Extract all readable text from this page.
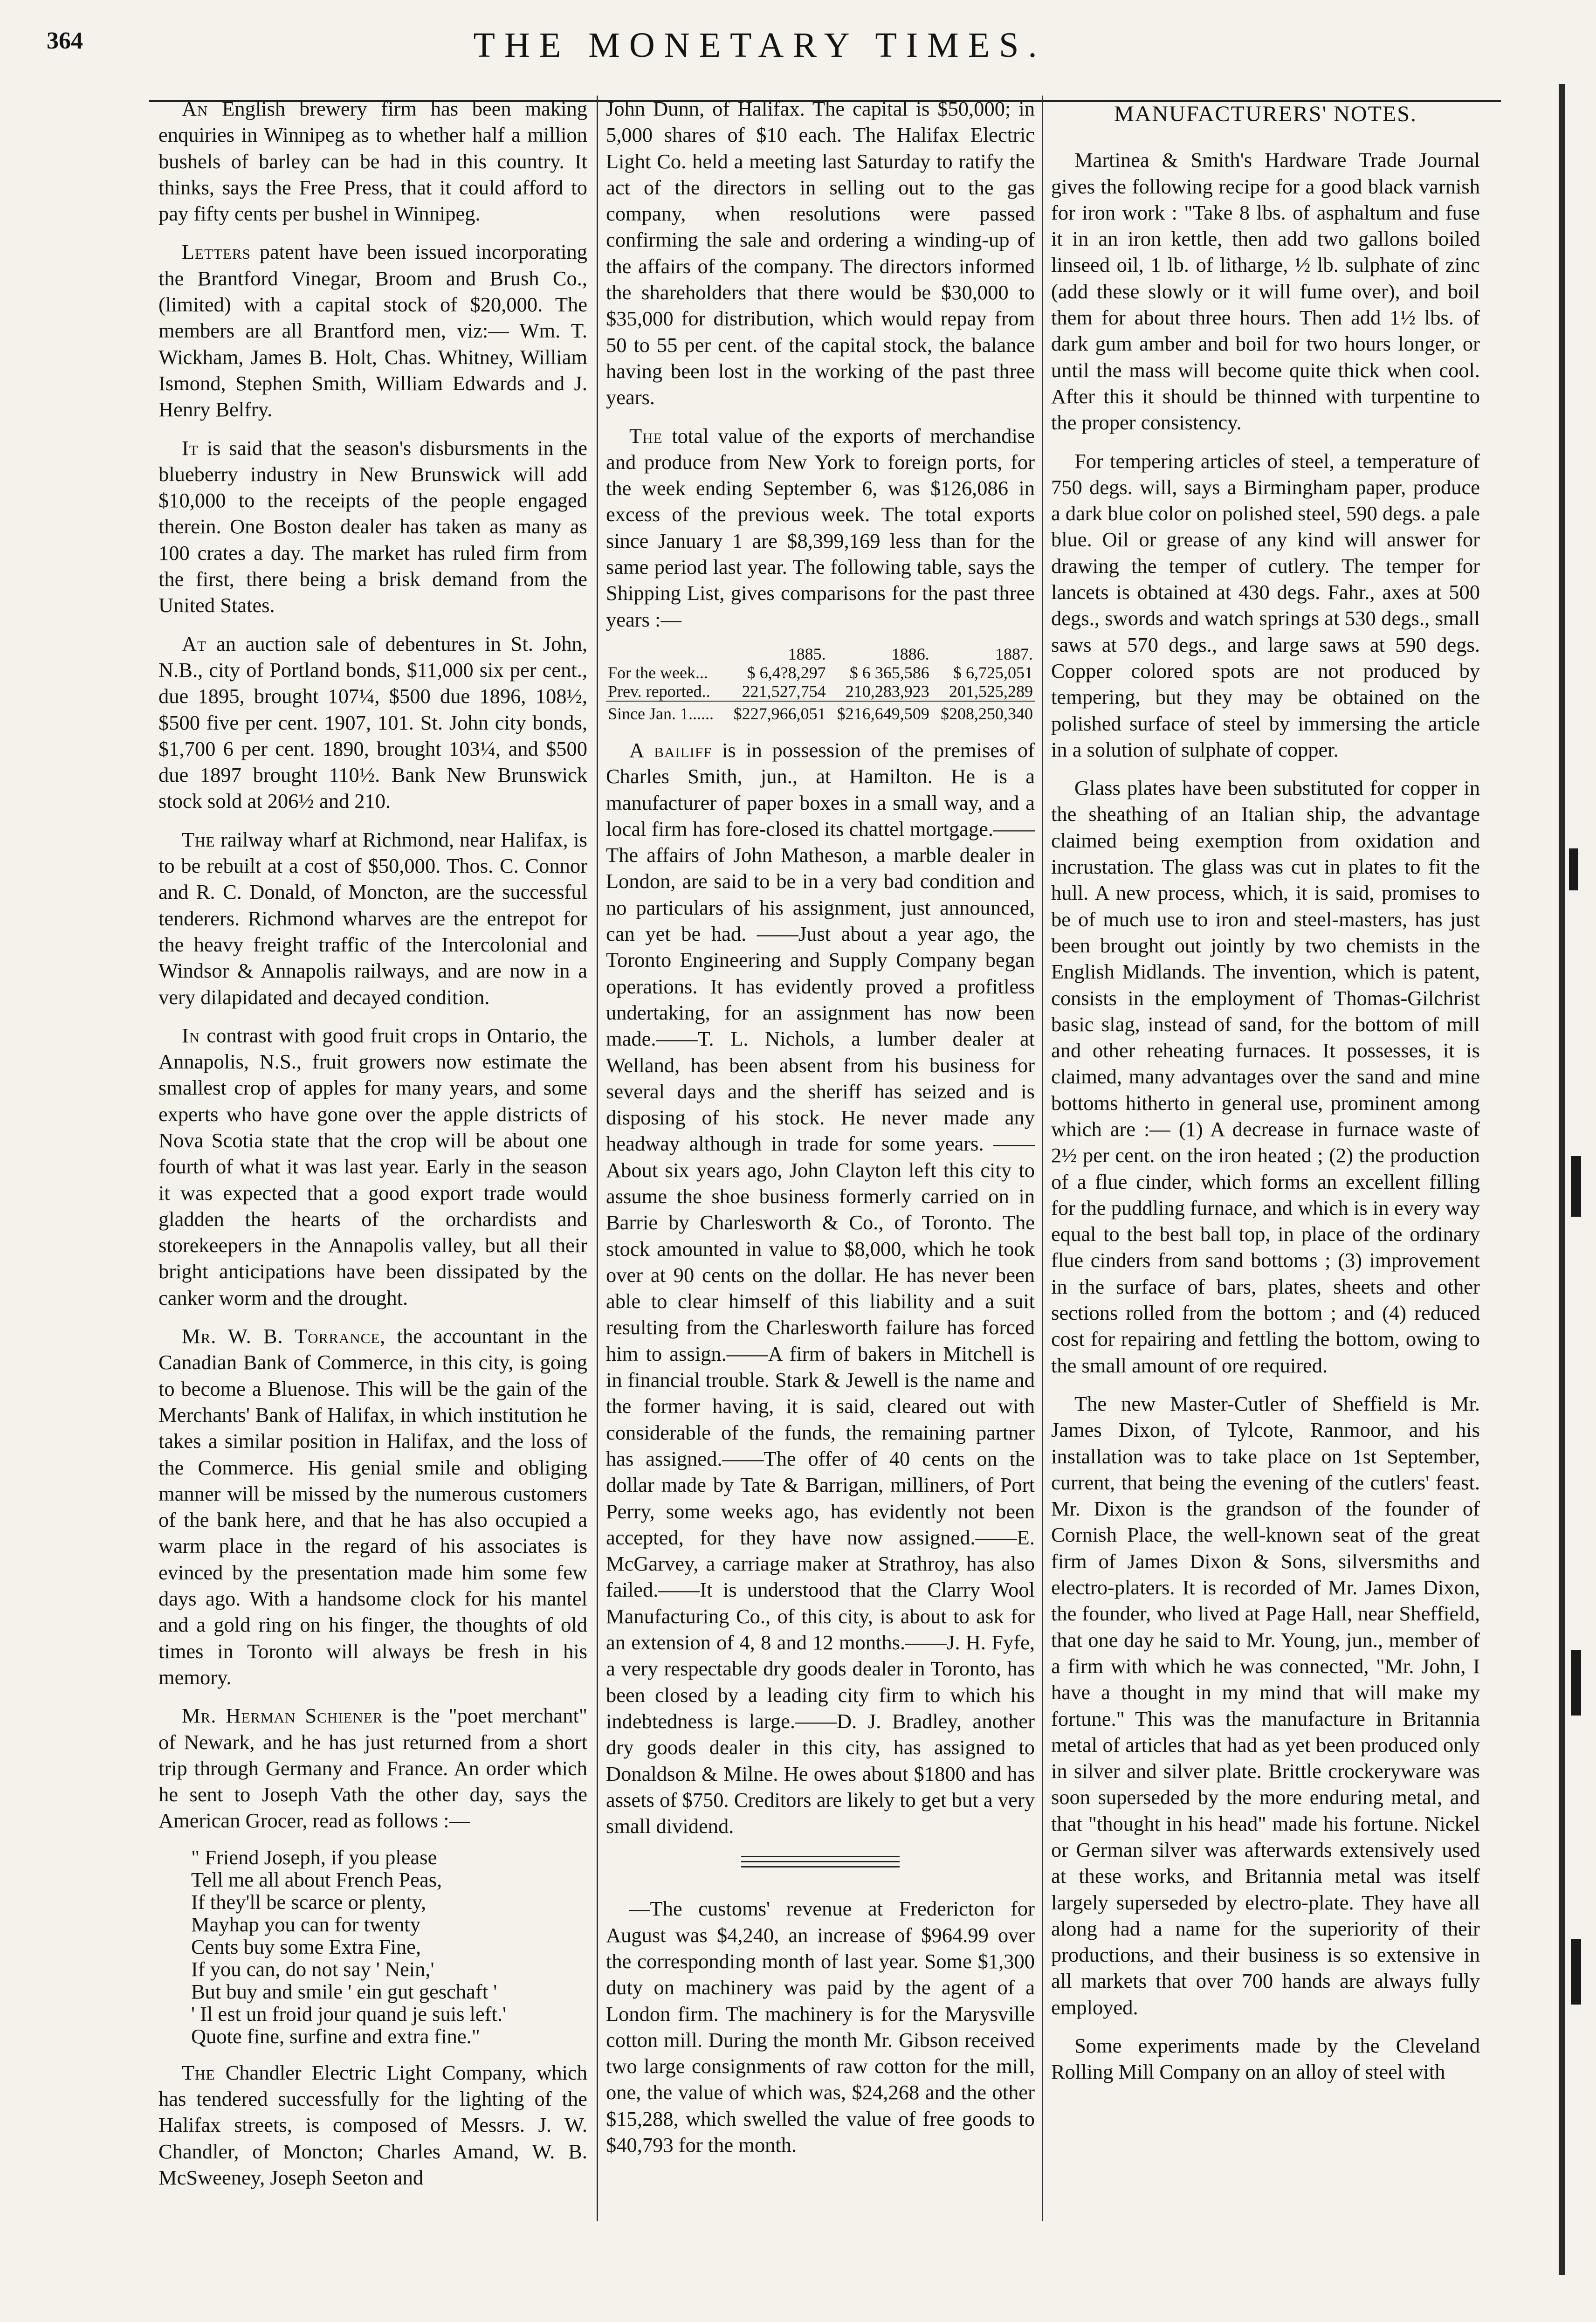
364	THE MONETARY TIMES.

An English brewery firm has been making enquiries in Winnipeg as to whether half a million bushels of barley can be had in this country. It thinks, says the Free Press, that it could afford to pay fifty cents per bushel in Winnipeg.

Letters patent have been issued incorporating the Brantford Vinegar, Broom and Brush Co., (limited) with a capital stock of $20,000. The members are all Brantford men, viz:— Wm. T. Wickham, James B. Holt, Chas. Whitney, William Ismond, Stephen Smith, William Edwards and J. Henry Belfry.

It is said that the season's disbursments in the blueberry industry in New Brunswick will add $10,000 to the receipts of the people engaged therein. One Boston dealer has taken as many as 100 crates a day. The market has ruled firm from the first, there being a brisk demand from the United States.

At an auction sale of debentures in St. John, N.B., city of Portland bonds, $11,000 six per cent., due 1895, brought 107¼, $500 due 1896, 108½, $500 five per cent. 1907, 101. St. John city bonds, $1,700 6 per cent. 1890, brought 103¼, and $500 due 1897 brought 110½. Bank New Brunswick stock sold at 206½ and 210.

The railway wharf at Richmond, near Halifax, is to be rebuilt at a cost of $50,000. Thos. C. Connor and R. C. Donald, of Moncton, are the successful tenderers. Richmond wharves are the entrepot for the heavy freight traffic of the Intercolonial and Windsor & Annapolis railways, and are now in a very dilapidated and decayed condition.

In contrast with good fruit crops in Ontario, the Annapolis, N.S., fruit growers now estimate the smallest crop of apples for many years, and some experts who have gone over the apple districts of Nova Scotia state that the crop will be about one fourth of what it was last year. Early in the season it was expected that a good export trade would gladden the hearts of the orchardists and storekeepers in the Annapolis valley, but all their bright anticipations have been dissipated by the canker worm and the drought.

Mr. W. B. Torrance, the accountant in the Canadian Bank of Commerce, in this city, is going to become a Bluenose. This will be the gain of the Merchants' Bank of Halifax, in which institution he takes a similar position in Halifax, and the loss of the Commerce. His genial smile and obliging manner will be missed by the numerous customers of the bank here, and that he has also occupied a warm place in the regard of his associates is evinced by the presentation made him some few days ago. With a handsome clock for his mantel and a gold ring on his finger, the thoughts of old times in Toronto will always be fresh in his memory.

Mr. Herman Schiener is the "poet merchant" of Newark, and he has just returned from a short trip through Germany and France. An order which he sent to Joseph Vath the other day, says the American Grocer, read as follows :—

" Friend Joseph, if you please
Tell me all about French Peas,
If they'll be scarce or plenty,
Mayhap you can for twenty
Cents buy some Extra Fine,
If you can, do not say ' Nein,'
But buy and smile ' ein gut geschaft '
' Il est un froid jour quand je suis left.'
Quote fine, surfine and extra fine."

The Chandler Electric Light Company, which has tendered successfully for the lighting of the Halifax streets, is composed of Messrs. J. W. Chandler, of Moncton; Charles Amand, W. B. McSweeney, Joseph Seeton and

John Dunn, of Halifax. The capital is $50,000; in 5,000 shares of $10 each. The Halifax Electric Light Co. held a meeting last Saturday to ratify the act of the directors in selling out to the gas company, when resolutions were passed confirming the sale and ordering a winding-up of the affairs of the company. The directors informed the shareholders that there would be $30,000 to $35,000 for distribution, which would repay from 50 to 55 per cent. of the capital stock, the balance having been lost in the working of the past three years.

The total value of the exports of merchandise and produce from New York to foreign ports, for the week ending September 6, was $126,086 in excess of the previous week. The total exports since January 1 are $8,399,169 less than for the same period last year. The following table, says the Shipping List, gives comparisons for the past three years :—

	1885.	1886.	1887.
For the week...	$ 6,4?8,297	$ 6 365,586	$ 6,725,051
Prev. reported..	221,527,754	210,283,923	201,525,289
Since Jan. 1......	$227,966,051	$216,649,509	$208,250,340

A bailiff is in possession of the premises of Charles Smith, jun., at Hamilton. He is a manufacturer of paper boxes in a small way, and a local firm has fore-closed its chattel mortgage.——The affairs of John Matheson, a marble dealer in London, are said to be in a very bad condition and no particulars of his assignment, just announced, can yet be had. ——Just about a year ago, the Toronto Engineering and Supply Company began operations. It has evidently proved a profitless undertaking, for an assignment has now been made.——T. L. Nichols, a lumber dealer at Welland, has been absent from his business for several days and the sheriff has seized and is disposing of his stock. He never made any headway although in trade for some years. ——About six years ago, John Clayton left this city to assume the shoe business formerly carried on in Barrie by Charlesworth & Co., of Toronto. The stock amounted in value to $8,000, which he took over at 90 cents on the dollar. He has never been able to clear himself of this liability and a suit resulting from the Charlesworth failure has forced him to assign.——A firm of bakers in Mitchell is in financial trouble. Stark & Jewell is the name and the former having, it is said, cleared out with considerable of the funds, the remaining partner has assigned.——The offer of 40 cents on the dollar made by Tate & Barrigan, milliners, of Port Perry, some weeks ago, has evidently not been accepted, for they have now assigned.——E. McGarvey, a carriage maker at Strathroy, has also failed.——It is understood that the Clarry Wool Manufacturing Co., of this city, is about to ask for an extension of 4, 8 and 12 months.——J. H. Fyfe, a very respectable dry goods dealer in Toronto, has been closed by a leading city firm to which his indebtedness is large.——D. J. Bradley, another dry goods dealer in this city, has assigned to Donaldson & Milne. He owes about $1800 and has assets of $750. Creditors are likely to get but a very small dividend.

—The customs' revenue at Fredericton for August was $4,240, an increase of $964.99 over the corresponding month of last year. Some $1,300 duty on machinery was paid by the agent of a London firm. The machinery is for the Marysville cotton mill. During the month Mr. Gibson received two large consignments of raw cotton for the mill, one, the value of which was, $24,268 and the other $15,288, which swelled the value of free goods to $40,793 for the month.

MANUFACTURERS' NOTES.

Martinea & Smith's Hardware Trade Journal gives the following recipe for a good black varnish for iron work : "Take 8 lbs. of asphaltum and fuse it in an iron kettle, then add two gallons boiled linseed oil, 1 lb. of litharge, ½ lb. sulphate of zinc (add these slowly or it will fume over), and boil them for about three hours. Then add 1½ lbs. of dark gum amber and boil for two hours longer, or until the mass will become quite thick when cool. After this it should be thinned with turpentine to the proper consistency.

For tempering articles of steel, a temperature of 750 degs. will, says a Birmingham paper, produce a dark blue color on polished steel, 590 degs. a pale blue. Oil or grease of any kind will answer for drawing the temper of cutlery. The temper for lancets is obtained at 430 degs. Fahr., axes at 500 degs., swords and watch springs at 530 degs., small saws at 570 degs., and large saws at 590 degs. Copper colored spots are not produced by tempering, but they may be obtained on the polished surface of steel by immersing the article in a solution of sulphate of copper.

Glass plates have been substituted for copper in the sheathing of an Italian ship, the advantage claimed being exemption from oxidation and incrustation. The glass was cut in plates to fit the hull. A new process, which, it is said, promises to be of much use to iron and steel-masters, has just been brought out jointly by two chemists in the English Midlands. The invention, which is patent, consists in the employment of Thomas-Gilchrist basic slag, instead of sand, for the bottom of mill and other reheating furnaces. It possesses, it is claimed, many advantages over the sand and mine bottoms hitherto in general use, prominent among which are :— (1) A decrease in furnace waste of 2½ per cent. on the iron heated ; (2) the production of a flue cinder, which forms an excellent filling for the puddling furnace, and which is in every way equal to the best ball top, in place of the ordinary flue cinders from sand bottoms ; (3) improvement in the surface of bars, plates, sheets and other sections rolled from the bottom ; and (4) reduced cost for repairing and fettling the bottom, owing to the small amount of ore required.

The new Master-Cutler of Sheffield is Mr. James Dixon, of Tylcote, Ranmoor, and his installation was to take place on 1st September, current, that being the evening of the cutlers' feast. Mr. Dixon is the grandson of the founder of Cornish Place, the well-known seat of the great firm of James Dixon & Sons, silversmiths and electro-platers. It is recorded of Mr. James Dixon, the founder, who lived at Page Hall, near Sheffield, that one day he said to Mr. Young, jun., member of a firm with which he was connected, "Mr. John, I have a thought in my mind that will make my fortune." This was the manufacture in Britannia metal of articles that had as yet been produced only in silver and silver plate. Brittle crockeryware was soon superseded by the more enduring metal, and that "thought in his head" made his fortune. Nickel or German silver was afterwards extensively used at these works, and Britannia metal was itself largely superseded by electro-plate. They have all along had a name for the superiority of their productions, and their business is so extensive in all markets that over 700 hands are always fully employed.

Some experiments made by the Cleveland Rolling Mill Company on an alloy of steel with
